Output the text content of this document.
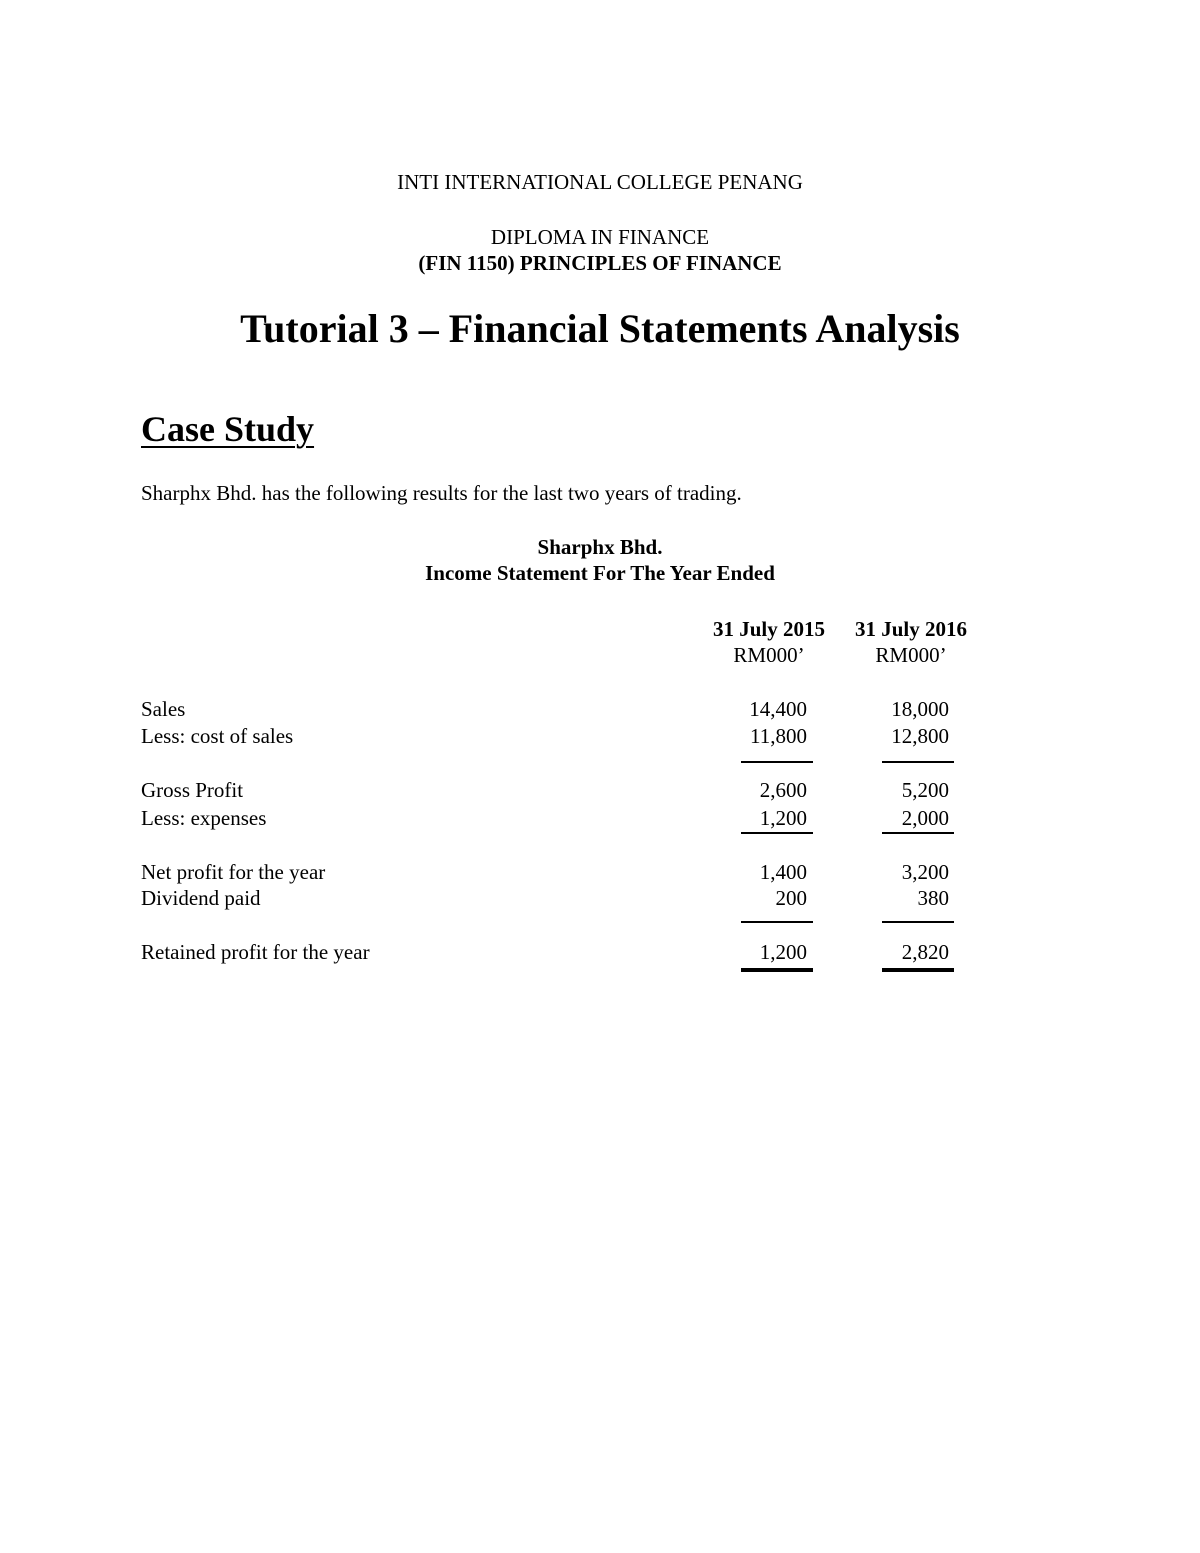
INTI INTERNATIONAL COLLEGE PENANG
DIPLOMA IN FINANCE
(FIN 1150) PRINCIPLES OF FINANCE
Tutorial 3 – Financial Statements Analysis
Case Study
Sharphx Bhd. has the following results for the last two years of trading.
Sharphx Bhd.
Income Statement For The Year Ended
31 July 2015	31 July 2016
RM000’	RM000’
Sales	14,400	18,000
Less: cost of sales	11,800	12,800
Gross Profit	2,600	5,200
Less: expenses	1,200	2,000
Net profit for the year	1,400	3,200
Dividend paid	200	380
Retained profit for the year	1,200	2,820
